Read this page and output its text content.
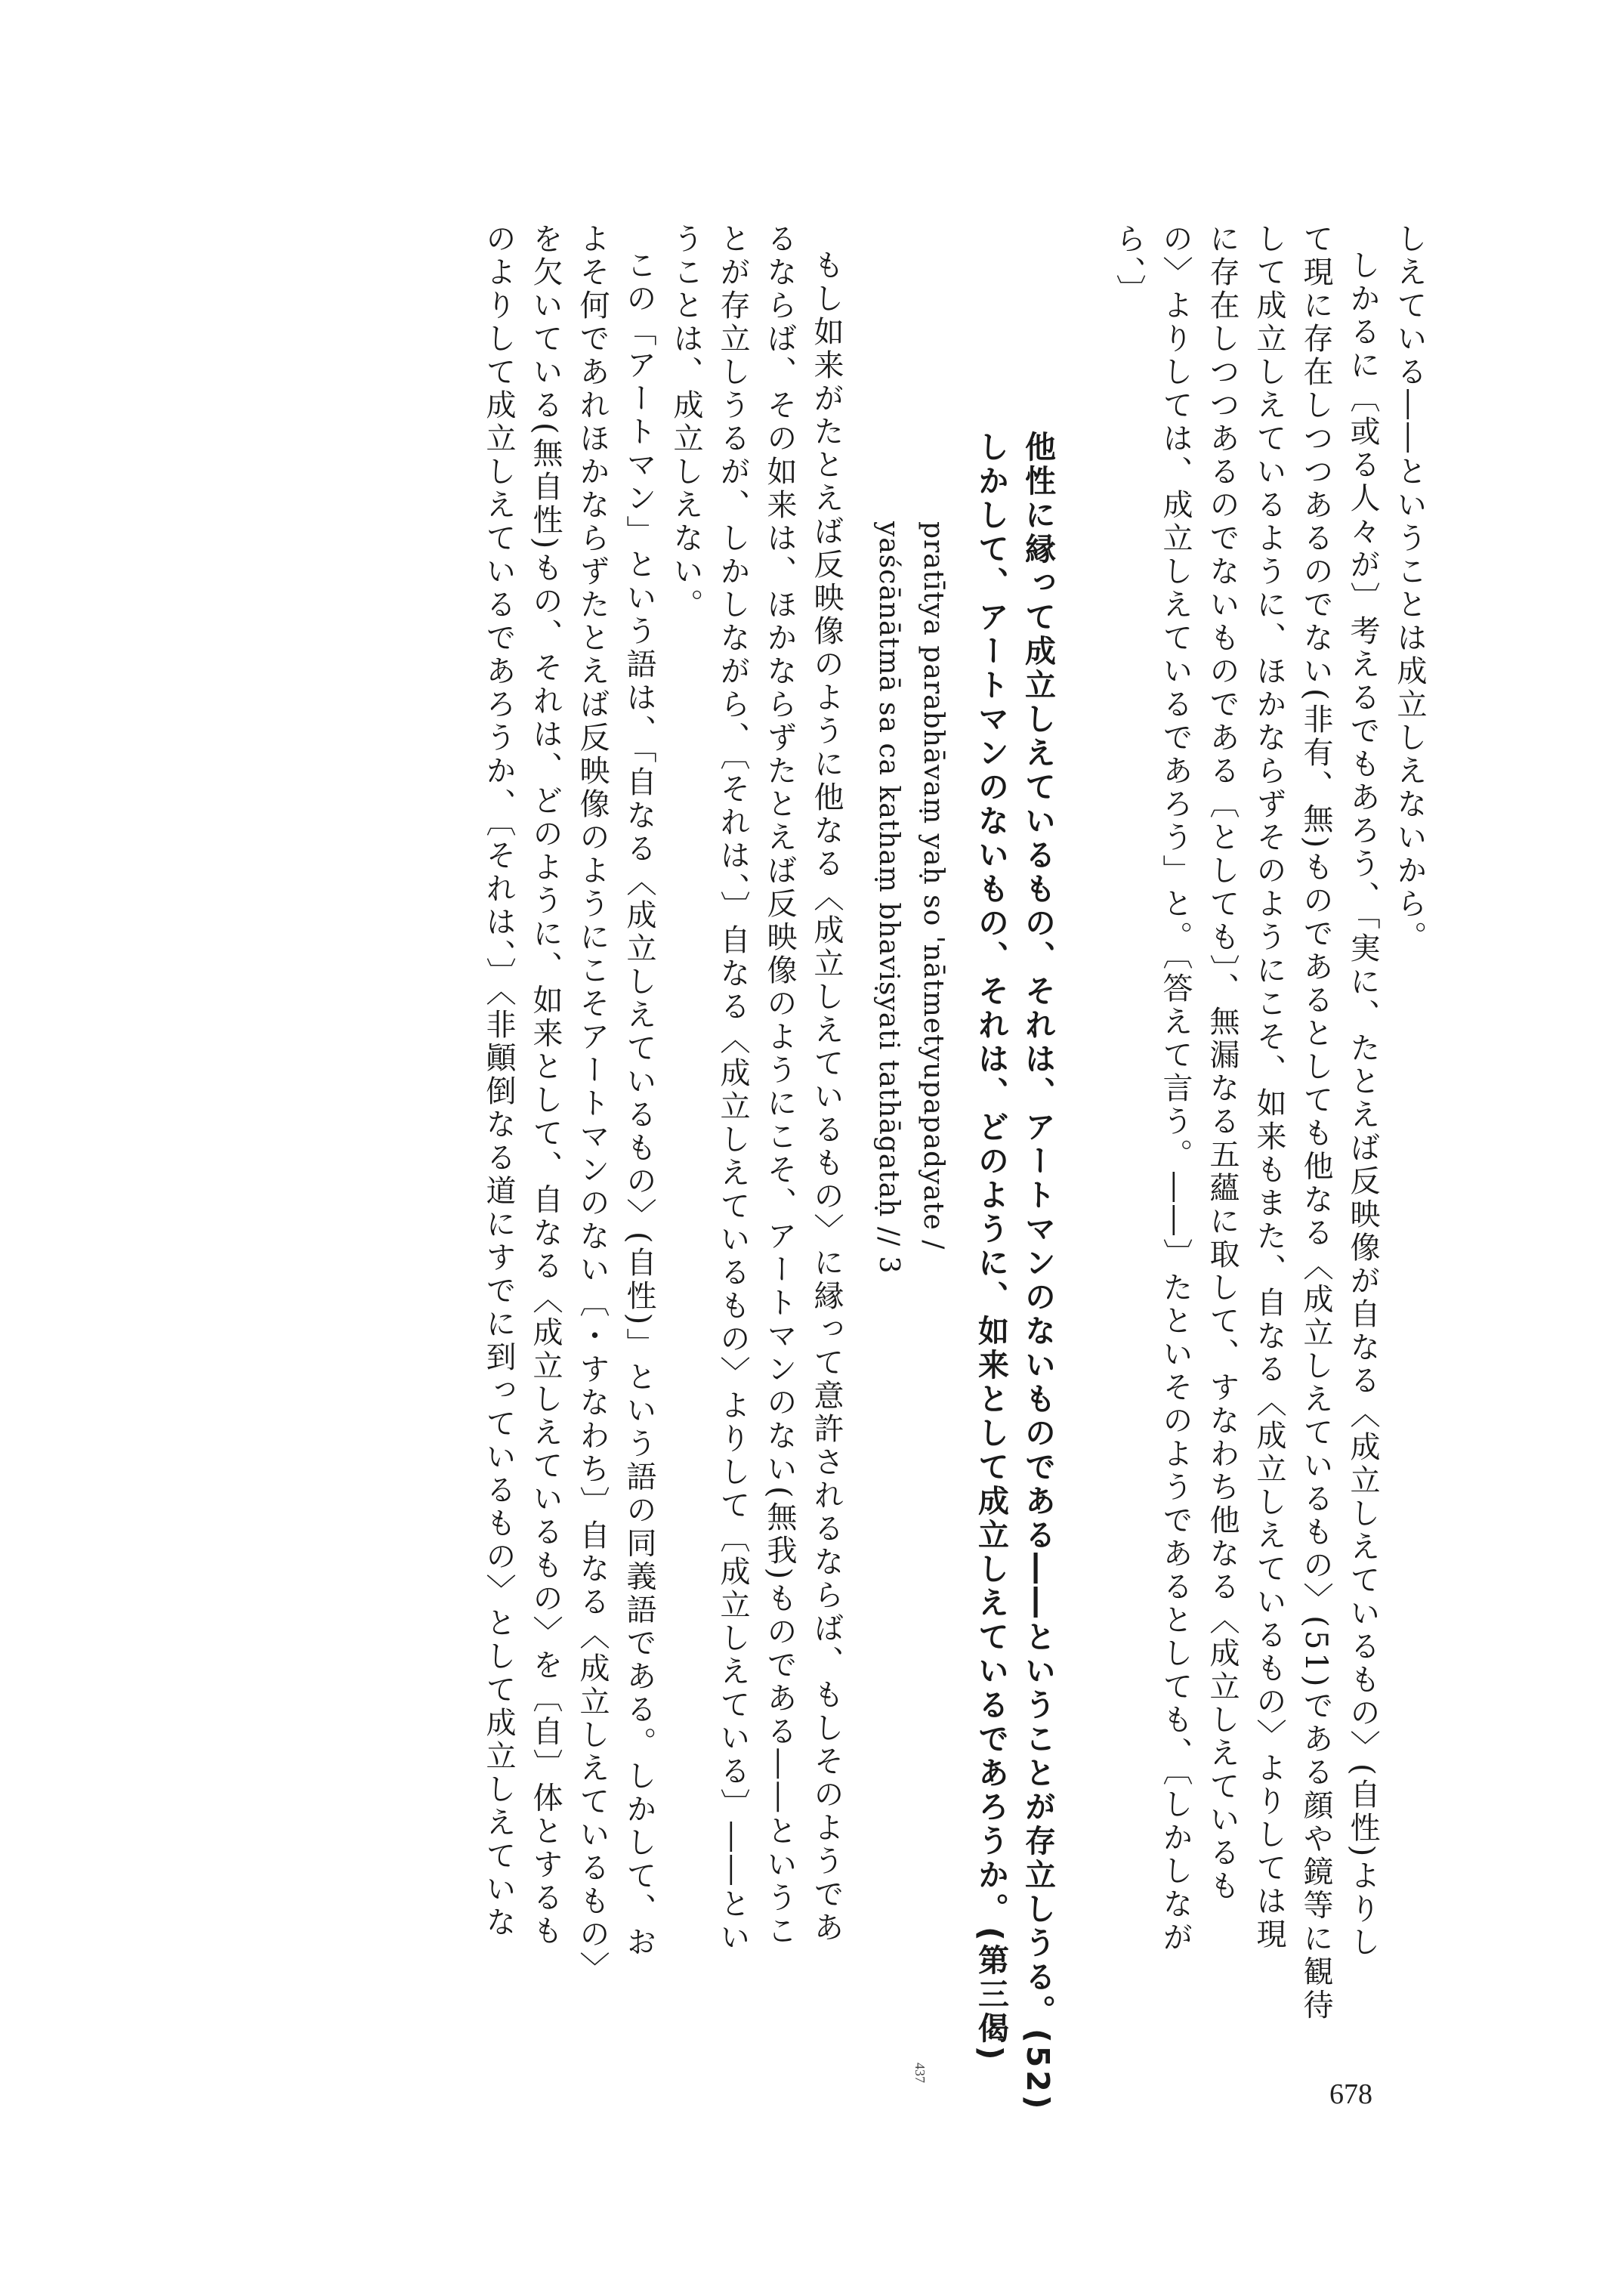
しえている――ということは成立しえないから。
しかるに〔或る人々が〕考えるでもあろう、「実に、たとえば反映像が自なる〈成立しえているもの〉(自性)よりし
て現に存在しつつあるのでない(非有、無)ものであるとしても他なる〈成立しえているもの〉(51)である顔や鏡等に観待
して成立しえているように、ほかならずそのようにこそ、如来もまた、自なる〈成立しえているもの〉よりしては現
に存在しつつあるのでないものである〔としても〕、無漏なる五蘊に取して、すなわち他なる〈成立しえているも
の〉よりしては、成立しえているであろう」と。〔答えて言う。――〕たといそのようであるとしても、〔しかしなが
ら、〕
他性に縁って成立しえているもの、それは、アートマンのないものである――ということが存立しうる。(52)
しかして、アートマンのないもの、それは、どのように、如来として成立しえているであろうか。(第三偈)
pratītya parabhāvaṃ yaḥ so 'nātmetyupapadyate /
yaścānātmā sa ca kathaṃ bhaviṣyati tathāgataḥ // 3
もし如来がたとえば反映像のように他なる〈成立しえているもの〉に縁って意許されるならば、もしそのようであ
るならば、その如来は、ほかならずたとえば反映像のようにこそ、アートマンのない(無我)ものである――というこ
とが存立しうるが、しかしながら、〔それは、〕自なる〈成立しえているもの〉よりして〔成立しえている〕――とい
うことは、成立しえない。
この「アートマン」という語は、「自なる〈成立しえているもの〉(自性)」という語の同義語である。しかして、お
よそ何であれほかならずたとえば反映像のようにこそアートマンのない〔・すなわち〕自なる〈成立しえているもの〉
を欠いている(無自性)もの、それは、どのように、如来として、自なる〈成立しえているもの〉を〔自〕体とするも
のよりして成立しえているであろうか、〔それは、〕〈非顚倒なる道にすでに到っているもの〉として成立しえていな
437
678
